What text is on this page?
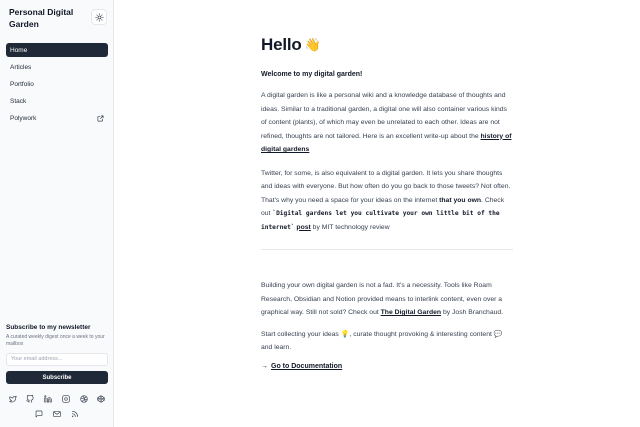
Personal Digital Garden
Home
Articles
Portfolio
Stack
Polywork
Subscribe to my newsletter
A curated weekly digest once a week to your mailbox
Your email address... Subscribe
Hello 👋
Welcome to my digital garden!

A digital garden is like a personal wiki and a knowledge database of thoughts and ideas. Similar to a traditional garden, a digital one will also container various kinds of content (plants), of which may even be unrelated to each other. Ideas are not refined, thoughts are not tailored. Here is an excellent write-up about the history of digital gardens

Twitter, for some, is also equivalent to a digital garden. It lets you share thoughts and ideas with everyone. But how often do you go back to those tweets? Not often. That's why you need a space for your ideas on the internet that you own. Check out `Digital gardens let you cultivate your own little bit of the internet` post by MIT technology review

Building your own digital garden is not a fad. It's a necessity. Tools like Roam Research, Obsidian and Notion provided means to interlink content, even over a graphical way. Still not sold? Check out The Digital Garden by Josh Branchaud.

Start collecting your ideas 💡, curate thought provoking & interesting content 💬 and learn.

→ Go to Documentation
